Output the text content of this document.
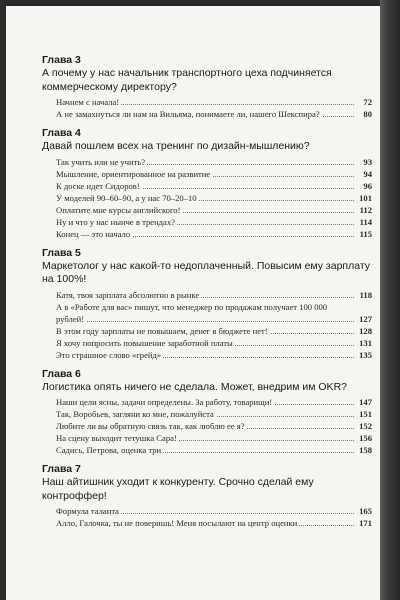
Глава 3
А почему у нас начальник транспортного цеха подчиняется коммерческому директору?
Начнем с начала!	72
А не замахнуться ли нам на Вильяма, понимаете ли, нашего Шекспира?	80
Глава 4
Давай пошлем всех на тренинг по дизайн-мышлению?
Так учить или не учить?	93
Мышление, ориентированное на развитие	94
К доске идет Сидоров!	96
У моделей 90–60–90, а у нас 70–20–10	101
Оплатите мне курсы английского!	112
Ну и что у нас нынче в трендах?	114
Конец — это начало	115
Глава 5
Маркетолог у нас какой-то недоплаченный. Повысим ему зарплату на 100%!
Катя, твоя зарплата абсолютно в рынке	118
А в «Работе для вас» пишут, что менеджер по продажам получает 100 000 рублей!	127
В этом году зарплаты не повышаем, денег в бюджете нет!	128
Я хочу попросить повышение заработной платы	131
Это страшное слово «грейд»	135
Глава 6
Логистика опять ничего не сделала. Может, внедрим им OKR?
Наши цели ясны, задачи определены. За работу, товарищи!	147
Так, Воробьев, загляни ко мне, пожалуйста	151
Любите ли вы обратную связь так, как люблю ее я?	152
На сцену выходит тетушка Сара!	156
Садись, Петрова, оценка три	158
Глава 7
Наш айтишник уходит к конкуренту. Срочно сделай ему контроффер!
Формула таланта	165
Алло, Галочка, ты не поверишь! Меня посылают на центр оценки	171
